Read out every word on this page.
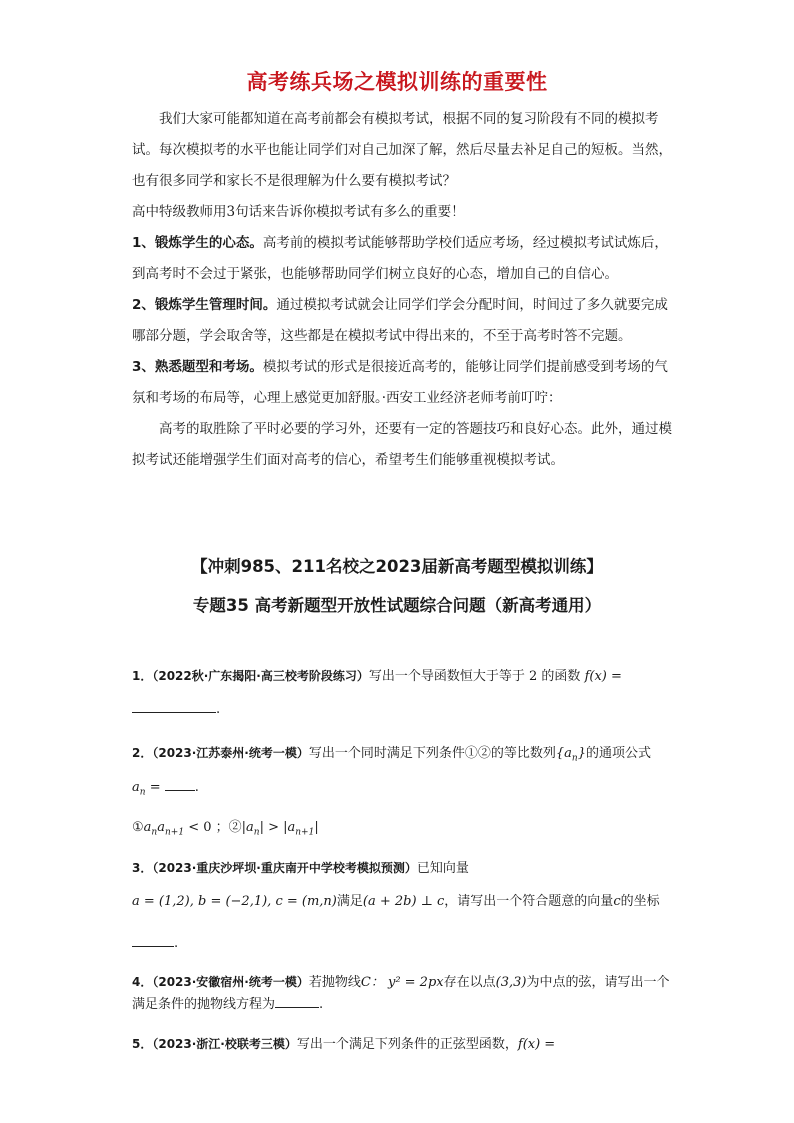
高考练兵场之模拟训练的重要性

我们大家可能都知道在高考前都会有模拟考试，根据不同的复习阶段有不同的模拟考试。每次模拟考的水平也能让同学们对自己加深了解，然后尽量去补足自己的短板。当然，也有很多同学和家长不是很理解为什么要有模拟考试？

高中特级教师用3句话来告诉你模拟考试有多么的重要！

1、锻炼学生的心态。高考前的模拟考试能够帮助学校们适应考场，经过模拟考试试炼后，到高考时不会过于紧张，也能够帮助同学们树立良好的心态，增加自己的自信心。

2、锻炼学生管理时间。通过模拟考试就会让同学们学会分配时间，时间过了多久就要完成哪部分题，学会取舍等，这些都是在模拟考试中得出来的，不至于高考时答不完题。

3、熟悉题型和考场。模拟考试的形式是很接近高考的，能够让同学们提前感受到考场的气氛和考场的布局等，心理上感觉更加舒服。·西安工业经济老师考前叮咛：

高考的取胜除了平时必要的学习外，还要有一定的答题技巧和良好心态。此外，通过模拟考试还能增强学生们面对高考的信心，希望考生们能够重视模拟考试。

【冲刺985、211名校之2023届新高考题型模拟训练】
专题35 高考新题型开放性试题综合问题（新高考通用）
1．（2022秋·广东揭阳·高三校考阶段练习）写出一个导函数恒大于等于 2 的函数 f(x) =
.
2．（2023·江苏泰州·统考一模）写出一个同时满足下列条件①②的等比数列$\{a_n\}$的通项公式
$a_n$ = .
$①a_na_{n+1} < 0$ ；$②|a_n| > |a_{n+1}|$
3．（2023·重庆沙坪坝·重庆南开中学校考模拟预测）已知向量
a = (1,2), b = (−2,1), c = (m,n)满足(a + 2b) ⊥ c，请写出一个符合题意的向量c的坐标
.
4．（2023·安徽宿州·统考一模）若抛物线C： y² = 2px存在以点(3,3)为中点的弦，请写出一个满足条件的抛物线方程为	.
5．（2023·浙江·校联考三模）写出一个满足下列条件的正弦型函数，f(x) =
